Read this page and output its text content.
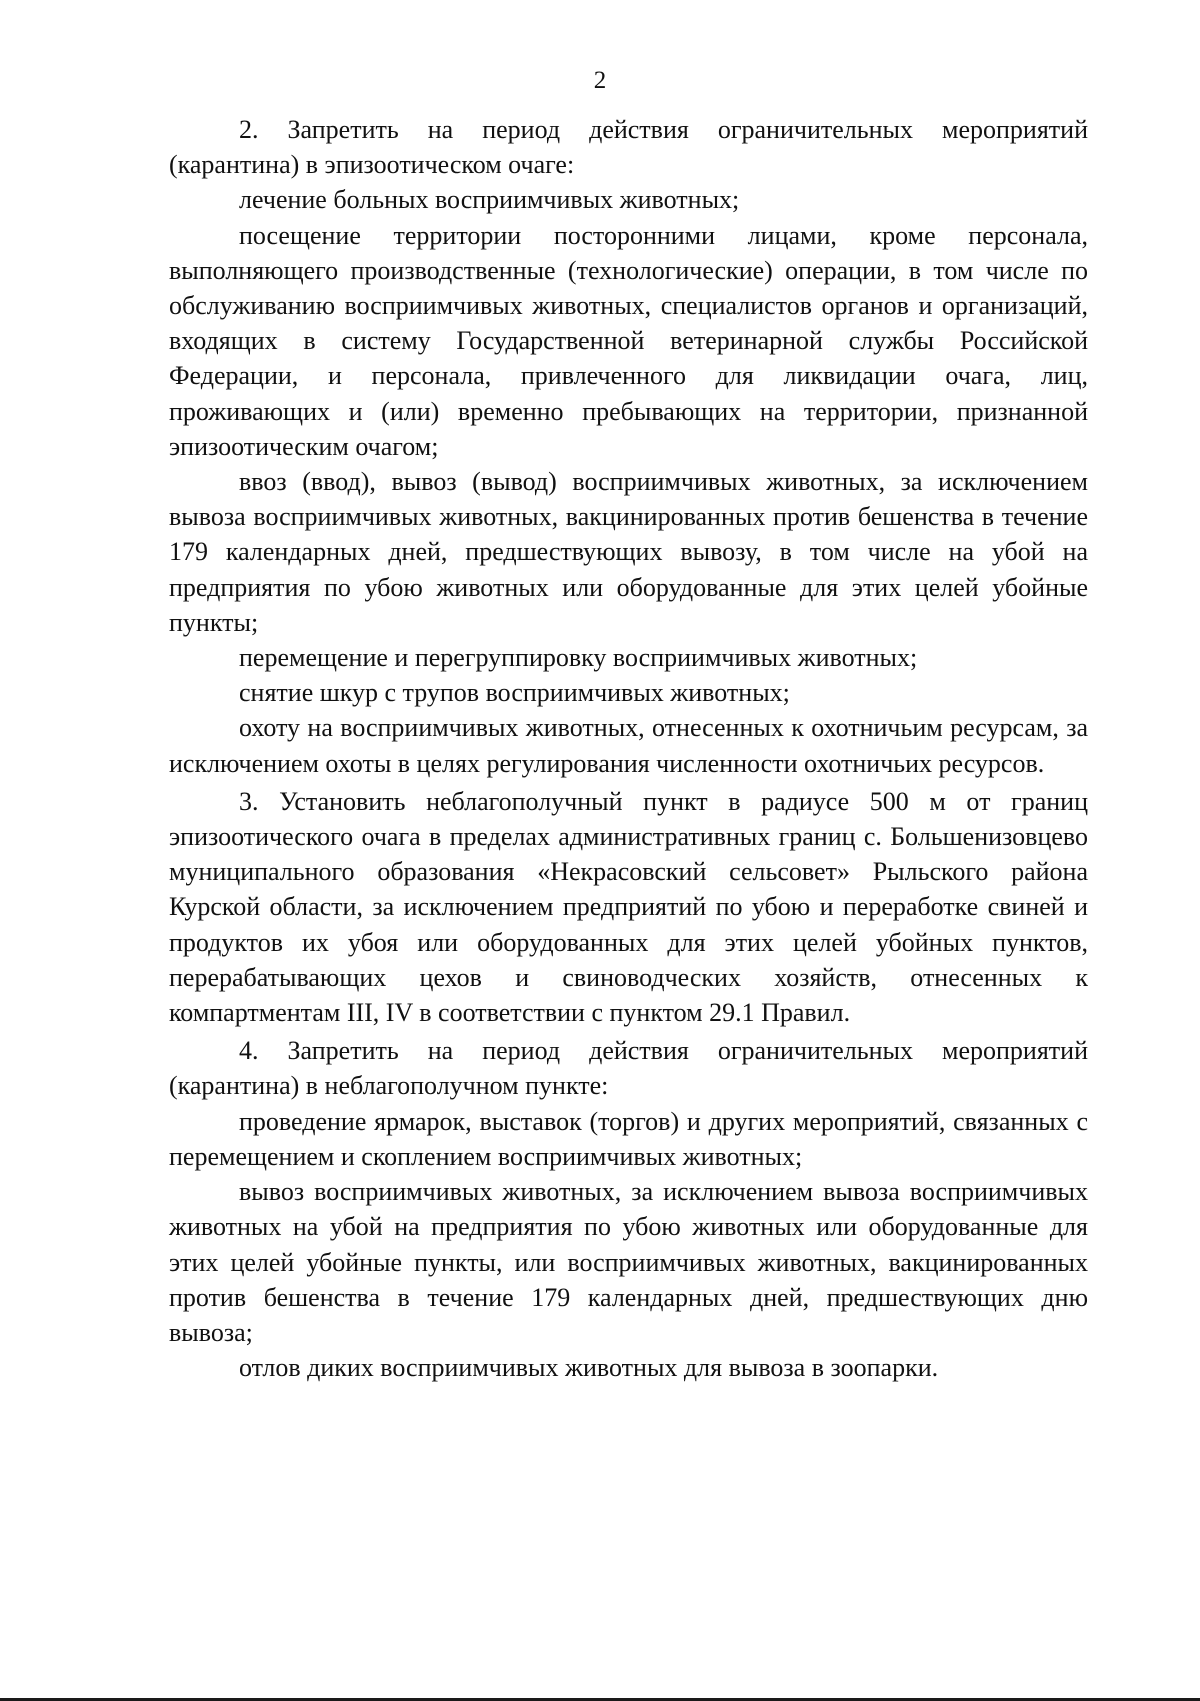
2

2. Запретить на период действия ограничительных мероприятий (карантина) в эпизоотическом очаге:

лечение больных восприимчивых животных;

посещение территории посторонними лицами, кроме персонала, выполняющего производственные (технологические) операции, в том числе по обслуживанию восприимчивых животных, специалистов органов и организаций, входящих в систему Государственной ветеринарной службы Российской Федерации, и персонала, привлеченного для ликвидации очага, лиц, проживающих и (или) временно пребывающих на территории, признанной эпизоотическим очагом;

ввоз (ввод), вывоз (вывод) восприимчивых животных, за исключением вывоза восприимчивых животных, вакцинированных против бешенства в течение 179 календарных дней, предшествующих вывозу, в том числе на убой на предприятия по убою животных или оборудованные для этих целей убойные пункты;

перемещение и перегруппировку восприимчивых животных;

снятие шкур с трупов восприимчивых животных;

охоту на восприимчивых животных, отнесенных к охотничьим ресурсам, за исключением охоты в целях регулирования численности охотничьих ресурсов.

3. Установить неблагополучный пункт в радиусе 500 м от границ эпизоотического очага в пределах административных границ с. Большенизовцево муниципального образования «Некрасовский сельсовет» Рыльского района Курской области, за исключением предприятий по убою и переработке свиней и продуктов их убоя или оборудованных для этих целей убойных пунктов, перерабатывающих цехов и свиноводческих хозяйств, отнесенных к компартментам III, IV в соответствии с пунктом 29.1 Правил.

4. Запретить на период действия ограничительных мероприятий (карантина) в неблагополучном пункте:

проведение ярмарок, выставок (торгов) и других мероприятий, связанных с перемещением и скоплением восприимчивых животных;

вывоз восприимчивых животных, за исключением вывоза восприимчивых животных на убой на предприятия по убою животных или оборудованные для этих целей убойные пункты, или восприимчивых животных, вакцинированных против бешенства в течение 179 календарных дней, предшествующих дню вывоза;

отлов диких восприимчивых животных для вывоза в зоопарки.
